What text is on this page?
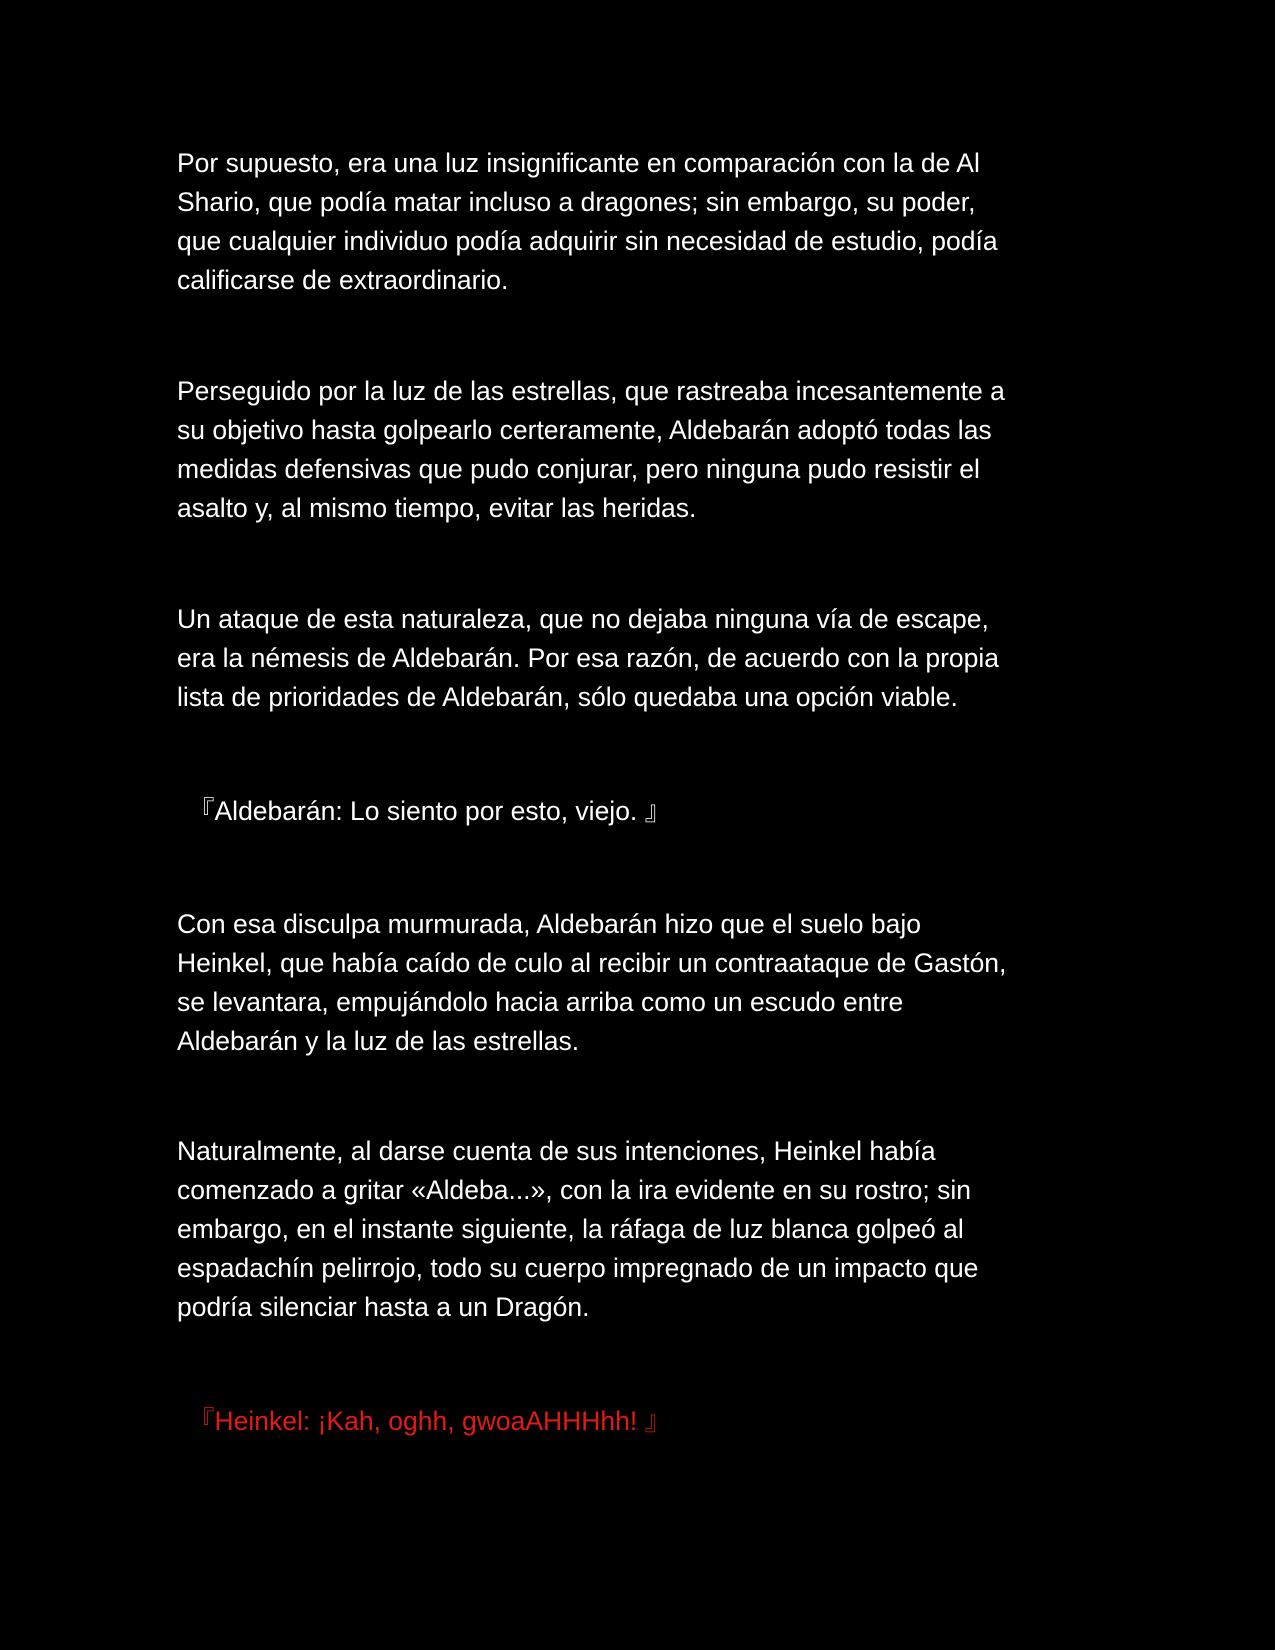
Por supuesto, era una luz insignificante en comparación con la de Al
Shario, que podía matar incluso a dragones; sin embargo, su poder,
que cualquier individuo podía adquirir sin necesidad de estudio, podía
calificarse de extraordinario.
Perseguido por la luz de las estrellas, que rastreaba incesantemente a
su objetivo hasta golpearlo certeramente, Aldebarán adoptó todas las
medidas defensivas que pudo conjurar, pero ninguna pudo resistir el
asalto y, al mismo tiempo, evitar las heridas.
Un ataque de esta naturaleza, que no dejaba ninguna vía de escape,
era la némesis de Aldebarán. Por esa razón, de acuerdo con la propia
lista de prioridades de Aldebarán, sólo quedaba una opción viable.
『Aldebarán: Lo siento por esto, viejo. 』
Con esa disculpa murmurada, Aldebarán hizo que el suelo bajo
Heinkel, que había caído de culo al recibir un contraataque de Gastón,
se levantara, empujándolo hacia arriba como un escudo entre
Aldebarán y la luz de las estrellas.
Naturalmente, al darse cuenta de sus intenciones, Heinkel había
comenzado a gritar «Aldeba...», con la ira evidente en su rostro; sin
embargo, en el instante siguiente, la ráfaga de luz blanca golpeó al
espadachín pelirrojo, todo su cuerpo impregnado de un impacto que
podría silenciar hasta a un Dragón.
『Heinkel: ¡Kah, oghh, gwoaAHHHhh! 』
